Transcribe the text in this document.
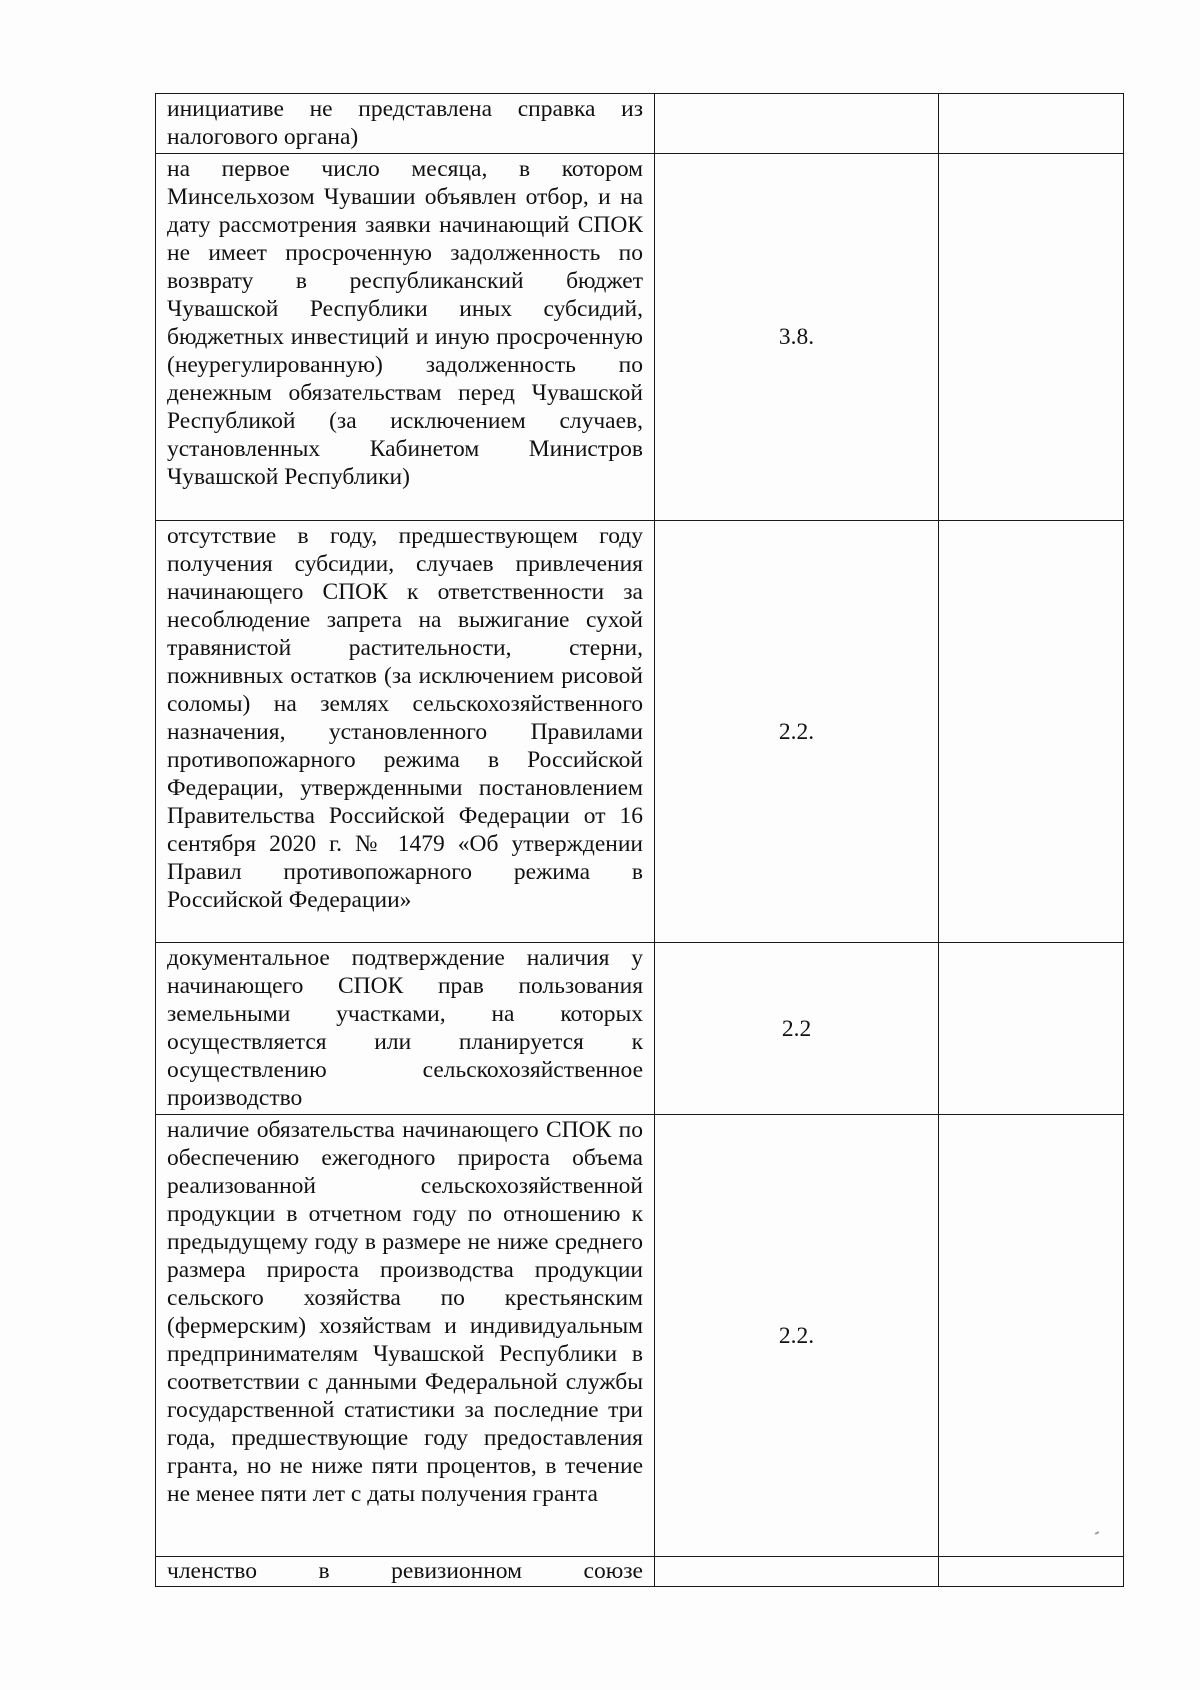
инициативе не представлена справка из налогового органа)		

на первое число месяца, в котором Минсельхозом Чувашии объявлен отбор, и на дату рассмотрения заявки начинающий СПОК не имеет просроченную задолженность по возврату в республиканский бюджет Чувашской Республики иных субсидий, бюджетных инвестиций и иную просроченную (неурегулированную) задолженность по денежным обязательствам перед Чувашской Республикой (за исключением случаев, установленных Кабинетом Министров Чувашской Республики)	3.8.	

отсутствие в году, предшествующем году получения субсидии, случаев привлечения начинающего СПОК к ответственности за несоблюдение запрета на выжигание сухой травянистой растительности, стерни, пожнивных остатков (за исключением рисовой соломы) на землях сельскохозяйственного назначения, установленного Правилами противопожарного режима в Российской Федерации, утвержденными постановлением Правительства Российской Федерации от 16 сентября 2020 г. № 1479 «Об утверждении Правил противопожарного режима в Российской Федерации»	2.2.	

документальное подтверждение наличия у начинающего СПОК прав пользования земельными участками, на которых осуществляется или планируется к осуществлению сельскохозяйственное производство	2.2	

наличие обязательства начинающего СПОК по обеспечению ежегодного прироста объема реализованной сельскохозяйственной продукции в отчетном году по отношению к предыдущему году в размере не ниже среднего размера прироста производства продукции сельского хозяйства по крестьянским (фермерским) хозяйствам и индивидуальным предпринимателям Чувашской Республики в соответствии с данными Федеральной службы государственной статистики за последние три года, предшествующие году предоставления гранта, но не ниже пяти процентов, в течение не менее пяти лет с даты получения гранта	2.2.	

членство в ревизионном союзе		
